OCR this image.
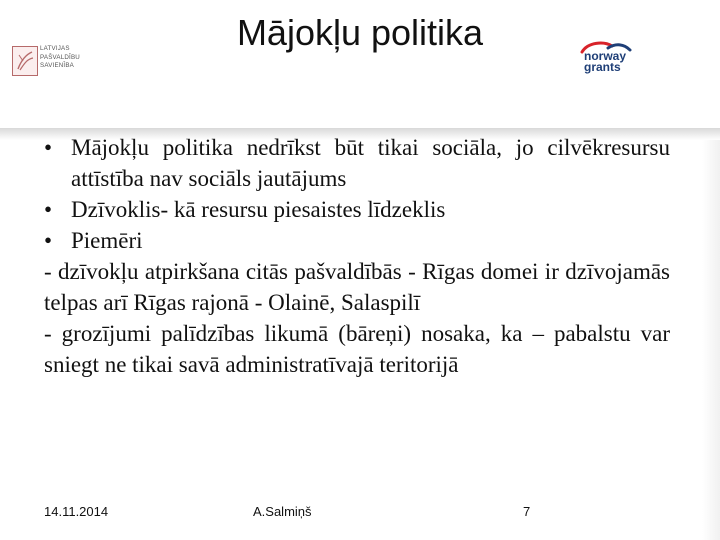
LATVIJAS
PAŠVALDĪBU
SAVIENĪBA
Mājokļu politika
norway
grants
• Mājokļu politika nedrīkst būt tikai sociāla, jo cilvēkresursu attīstība nav sociāls jautājums
• Dzīvoklis- kā resursu piesaistes līdzeklis
• Piemēri
- dzīvokļu atpirkšana citās pašvaldībās - Rīgas domei ir dzīvojamās telpas arī Rīgas rajonā - Olainē, Salaspilī
- grozījumi palīdzības likumā (bāreņi) nosaka, ka – pabalstu var sniegt ne tikai savā administratīvajā teritorijā
14.11.2014	A.Salmiņš	7
